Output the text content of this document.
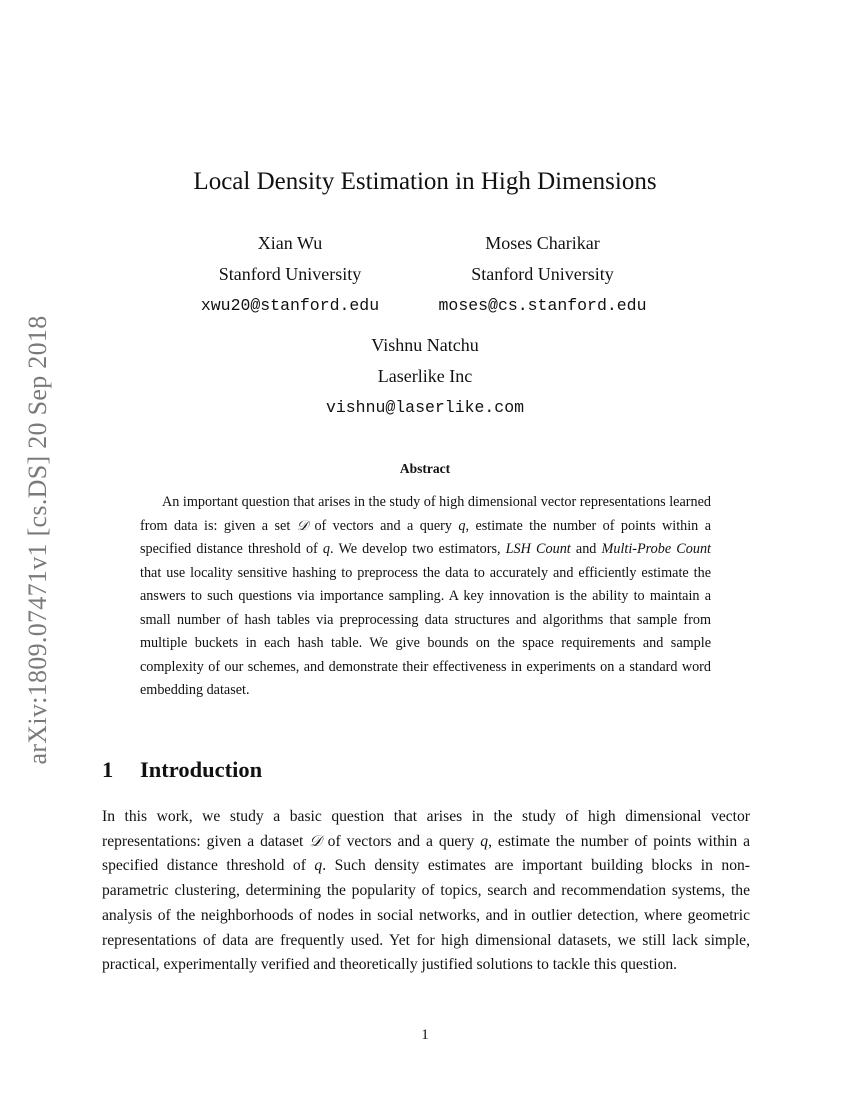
arXiv:1809.07471v1 [cs.DS] 20 Sep 2018
Local Density Estimation in High Dimensions
Xian Wu
Stanford University
xwu20@stanford.edu
Moses Charikar
Stanford University
moses@cs.stanford.edu
Vishnu Natchu
Laserlike Inc
vishnu@laserlike.com
Abstract

An important question that arises in the study of high dimensional vector representations learned from data is: given a set 𝒟 of vectors and a query q, estimate the number of points within a specified distance threshold of q. We develop two estimators, LSH Count and Multi-Probe Count that use locality sensitive hashing to preprocess the data to accurately and efficiently estimate the answers to such questions via importance sampling. A key innovation is the ability to maintain a small number of hash tables via preprocessing data structures and algorithms that sample from multiple buckets in each hash table. We give bounds on the space requirements and sample complexity of our schemes, and demonstrate their effectiveness in experiments on a standard word embedding dataset.

1 Introduction

In this work, we study a basic question that arises in the study of high dimensional vector representations: given a dataset 𝒟 of vectors and a query q, estimate the number of points within a specified distance threshold of q. Such density estimates are important building blocks in non-parametric clustering, determining the popularity of topics, search and recommendation systems, the analysis of the neighborhoods of nodes in social networks, and in outlier detection, where geometric representations of data are frequently used. Yet for high dimensional datasets, we still lack simple, practical, experimentally verified and theoretically justified solutions to tackle this question.

1
